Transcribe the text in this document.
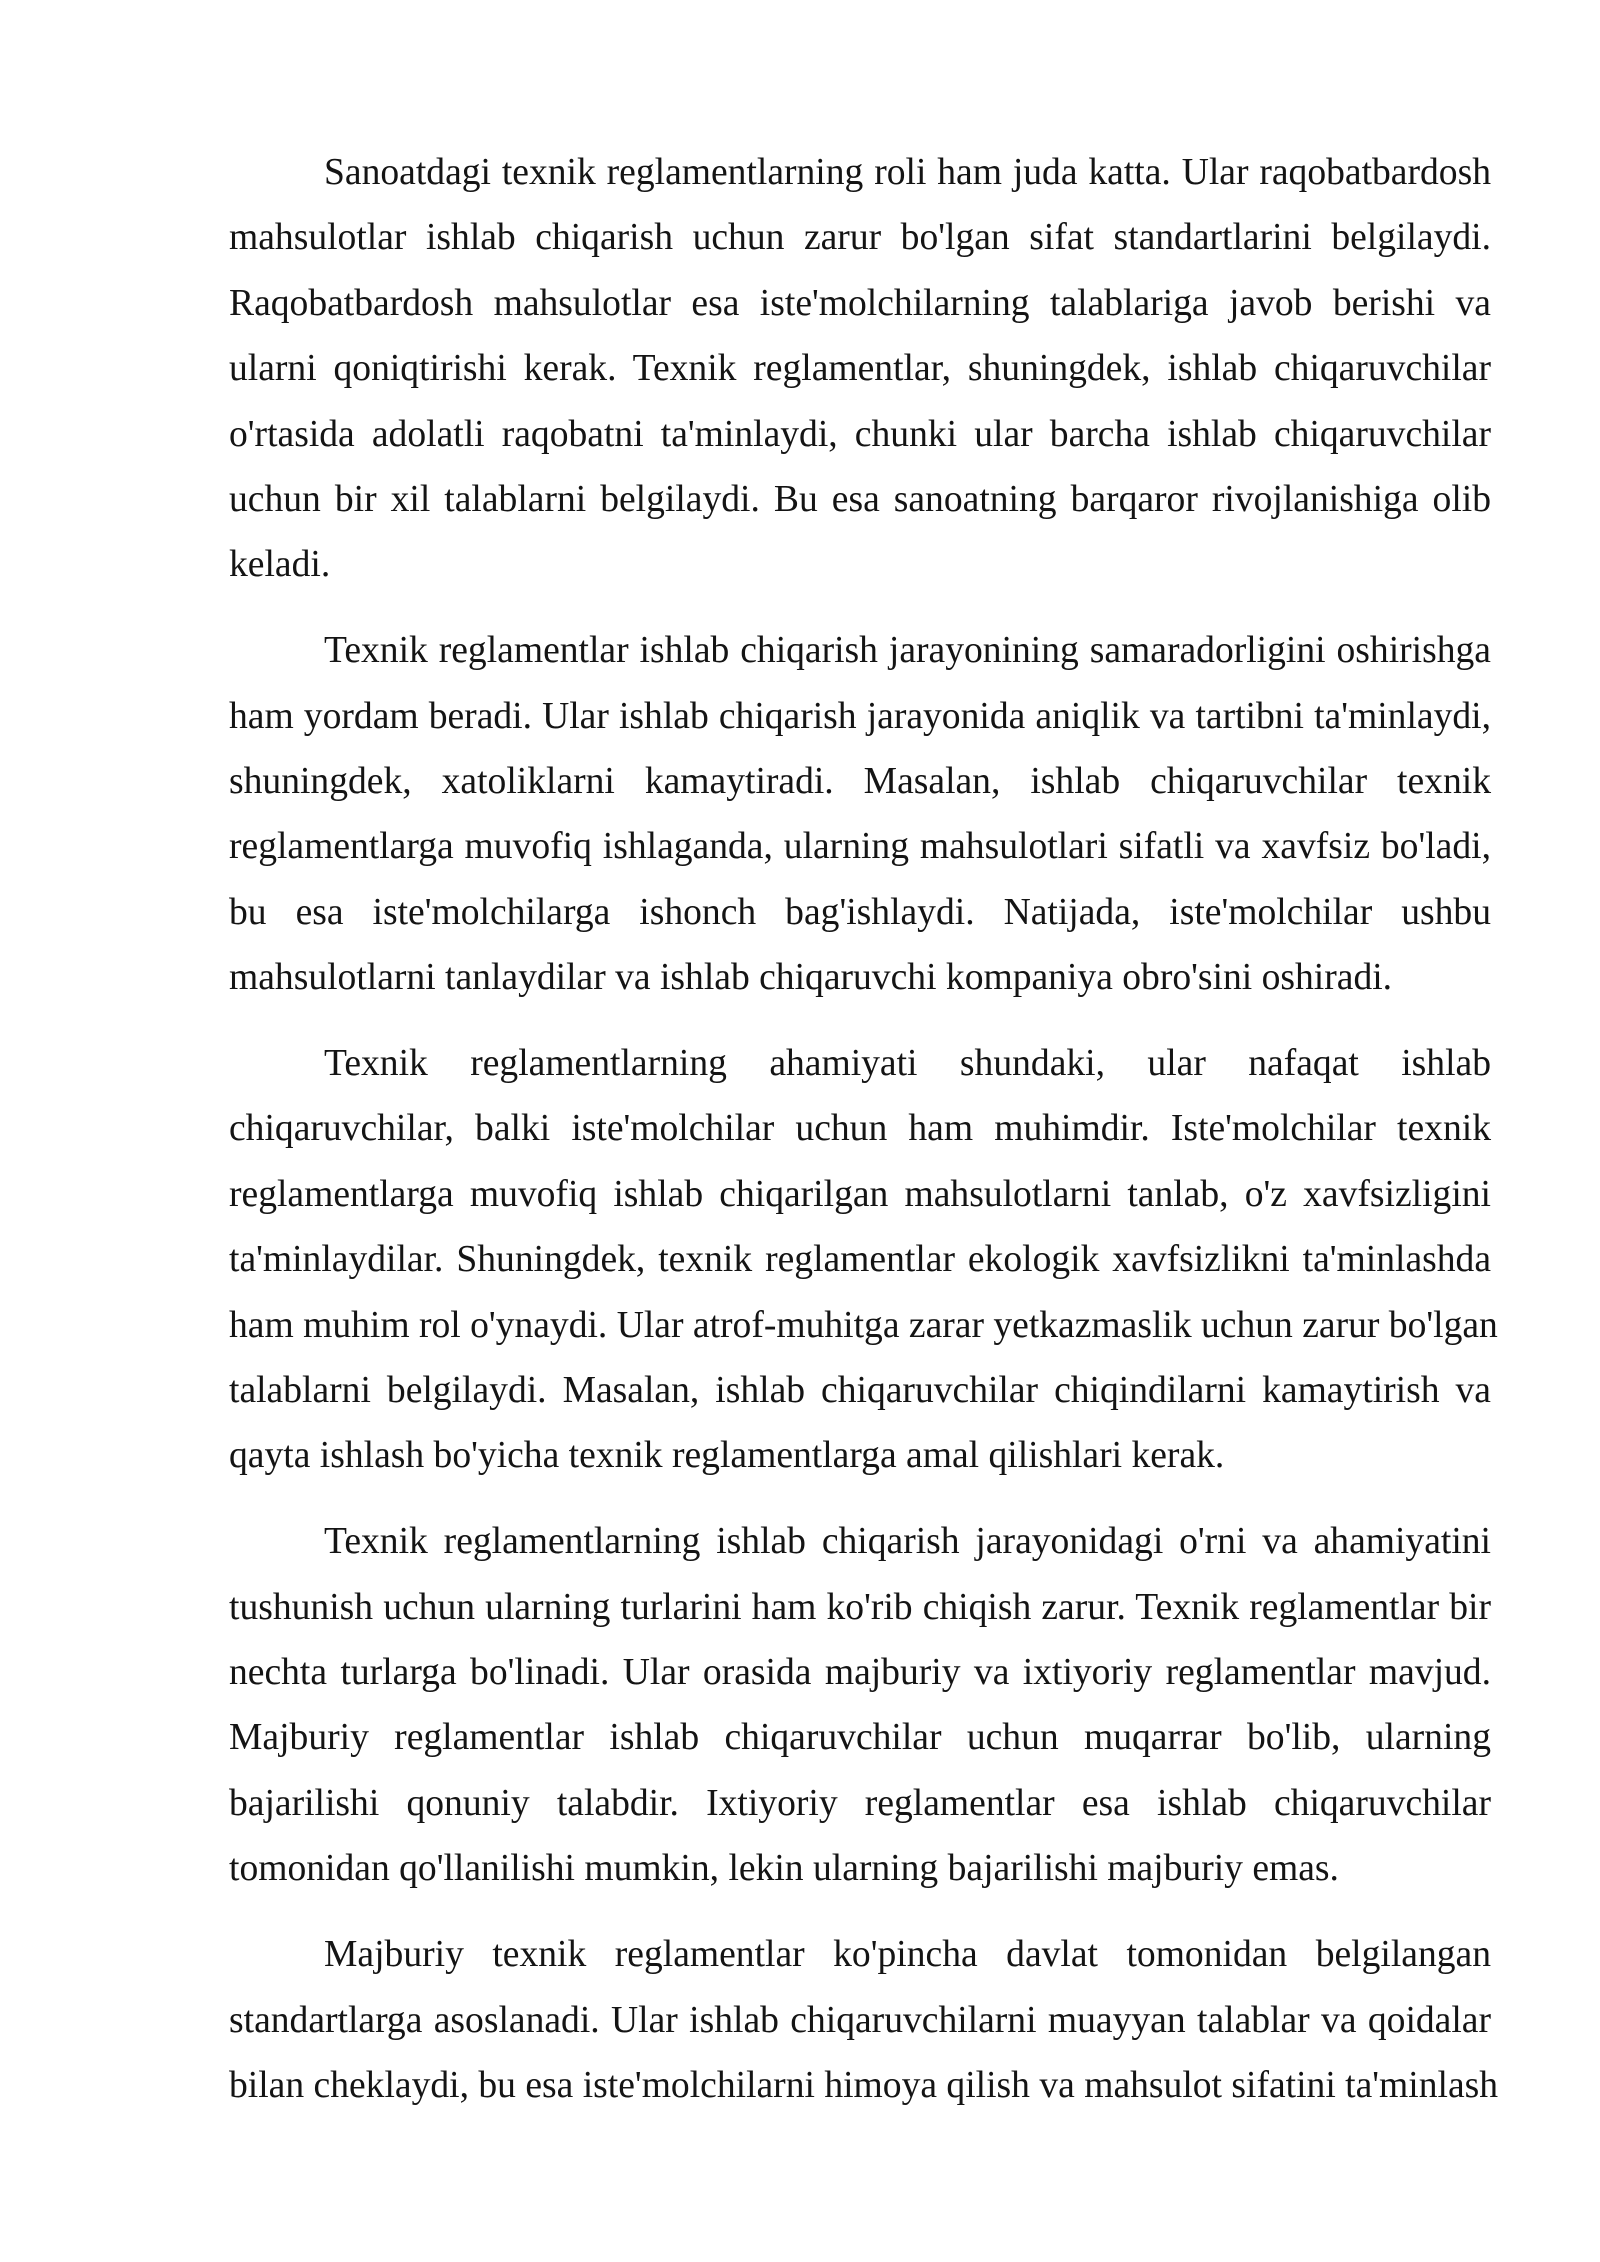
Sanoatdagi texnik reglamentlarning roli ham juda katta. Ular raqobatbardosh
mahsulotlar ishlab chiqarish uchun zarur bo'lgan sifat standartlarini belgilaydi.
Raqobatbardosh mahsulotlar esa iste'molchilarning talablariga javob berishi va
ularni qoniqtirishi kerak. Texnik reglamentlar, shuningdek, ishlab chiqaruvchilar
o'rtasida adolatli raqobatni ta'minlaydi, chunki ular barcha ishlab chiqaruvchilar
uchun bir xil talablarni belgilaydi. Bu esa sanoatning barqaror rivojlanishiga olib
keladi.
Texnik reglamentlar ishlab chiqarish jarayonining samaradorligini oshirishga
ham yordam beradi. Ular ishlab chiqarish jarayonida aniqlik va tartibni ta'minlaydi,
shuningdek, xatoliklarni kamaytiradi. Masalan, ishlab chiqaruvchilar texnik
reglamentlarga muvofiq ishlaganda, ularning mahsulotlari sifatli va xavfsiz bo'ladi,
bu esa iste'molchilarga ishonch bag'ishlaydi. Natijada, iste'molchilar ushbu
mahsulotlarni tanlaydilar va ishlab chiqaruvchi kompaniya obro'sini oshiradi.
Texnik reglamentlarning ahamiyati shundaki, ular nafaqat ishlab
chiqaruvchilar, balki iste'molchilar uchun ham muhimdir. Iste'molchilar texnik
reglamentlarga muvofiq ishlab chiqarilgan mahsulotlarni tanlab, o'z xavfsizligini
ta'minlaydilar. Shuningdek, texnik reglamentlar ekologik xavfsizlikni ta'minlashda
ham muhim rol o'ynaydi. Ular atrof-muhitga zarar yetkazmaslik uchun zarur bo'lgan
talablarni belgilaydi. Masalan, ishlab chiqaruvchilar chiqindilarni kamaytirish va
qayta ishlash bo'yicha texnik reglamentlarga amal qilishlari kerak.
Texnik reglamentlarning ishlab chiqarish jarayonidagi o'rni va ahamiyatini
tushunish uchun ularning turlarini ham ko'rib chiqish zarur. Texnik reglamentlar bir
nechta turlarga bo'linadi. Ular orasida majburiy va ixtiyoriy reglamentlar mavjud.
Majburiy reglamentlar ishlab chiqaruvchilar uchun muqarrar bo'lib, ularning
bajarilishi qonuniy talabdir. Ixtiyoriy reglamentlar esa ishlab chiqaruvchilar
tomonidan qo'llanilishi mumkin, lekin ularning bajarilishi majburiy emas.
Majburiy texnik reglamentlar ko'pincha davlat tomonidan belgilangan
standartlarga asoslanadi. Ular ishlab chiqaruvchilarni muayyan talablar va qoidalar
bilan cheklaydi, bu esa iste'molchilarni himoya qilish va mahsulot sifatini ta'minlash
